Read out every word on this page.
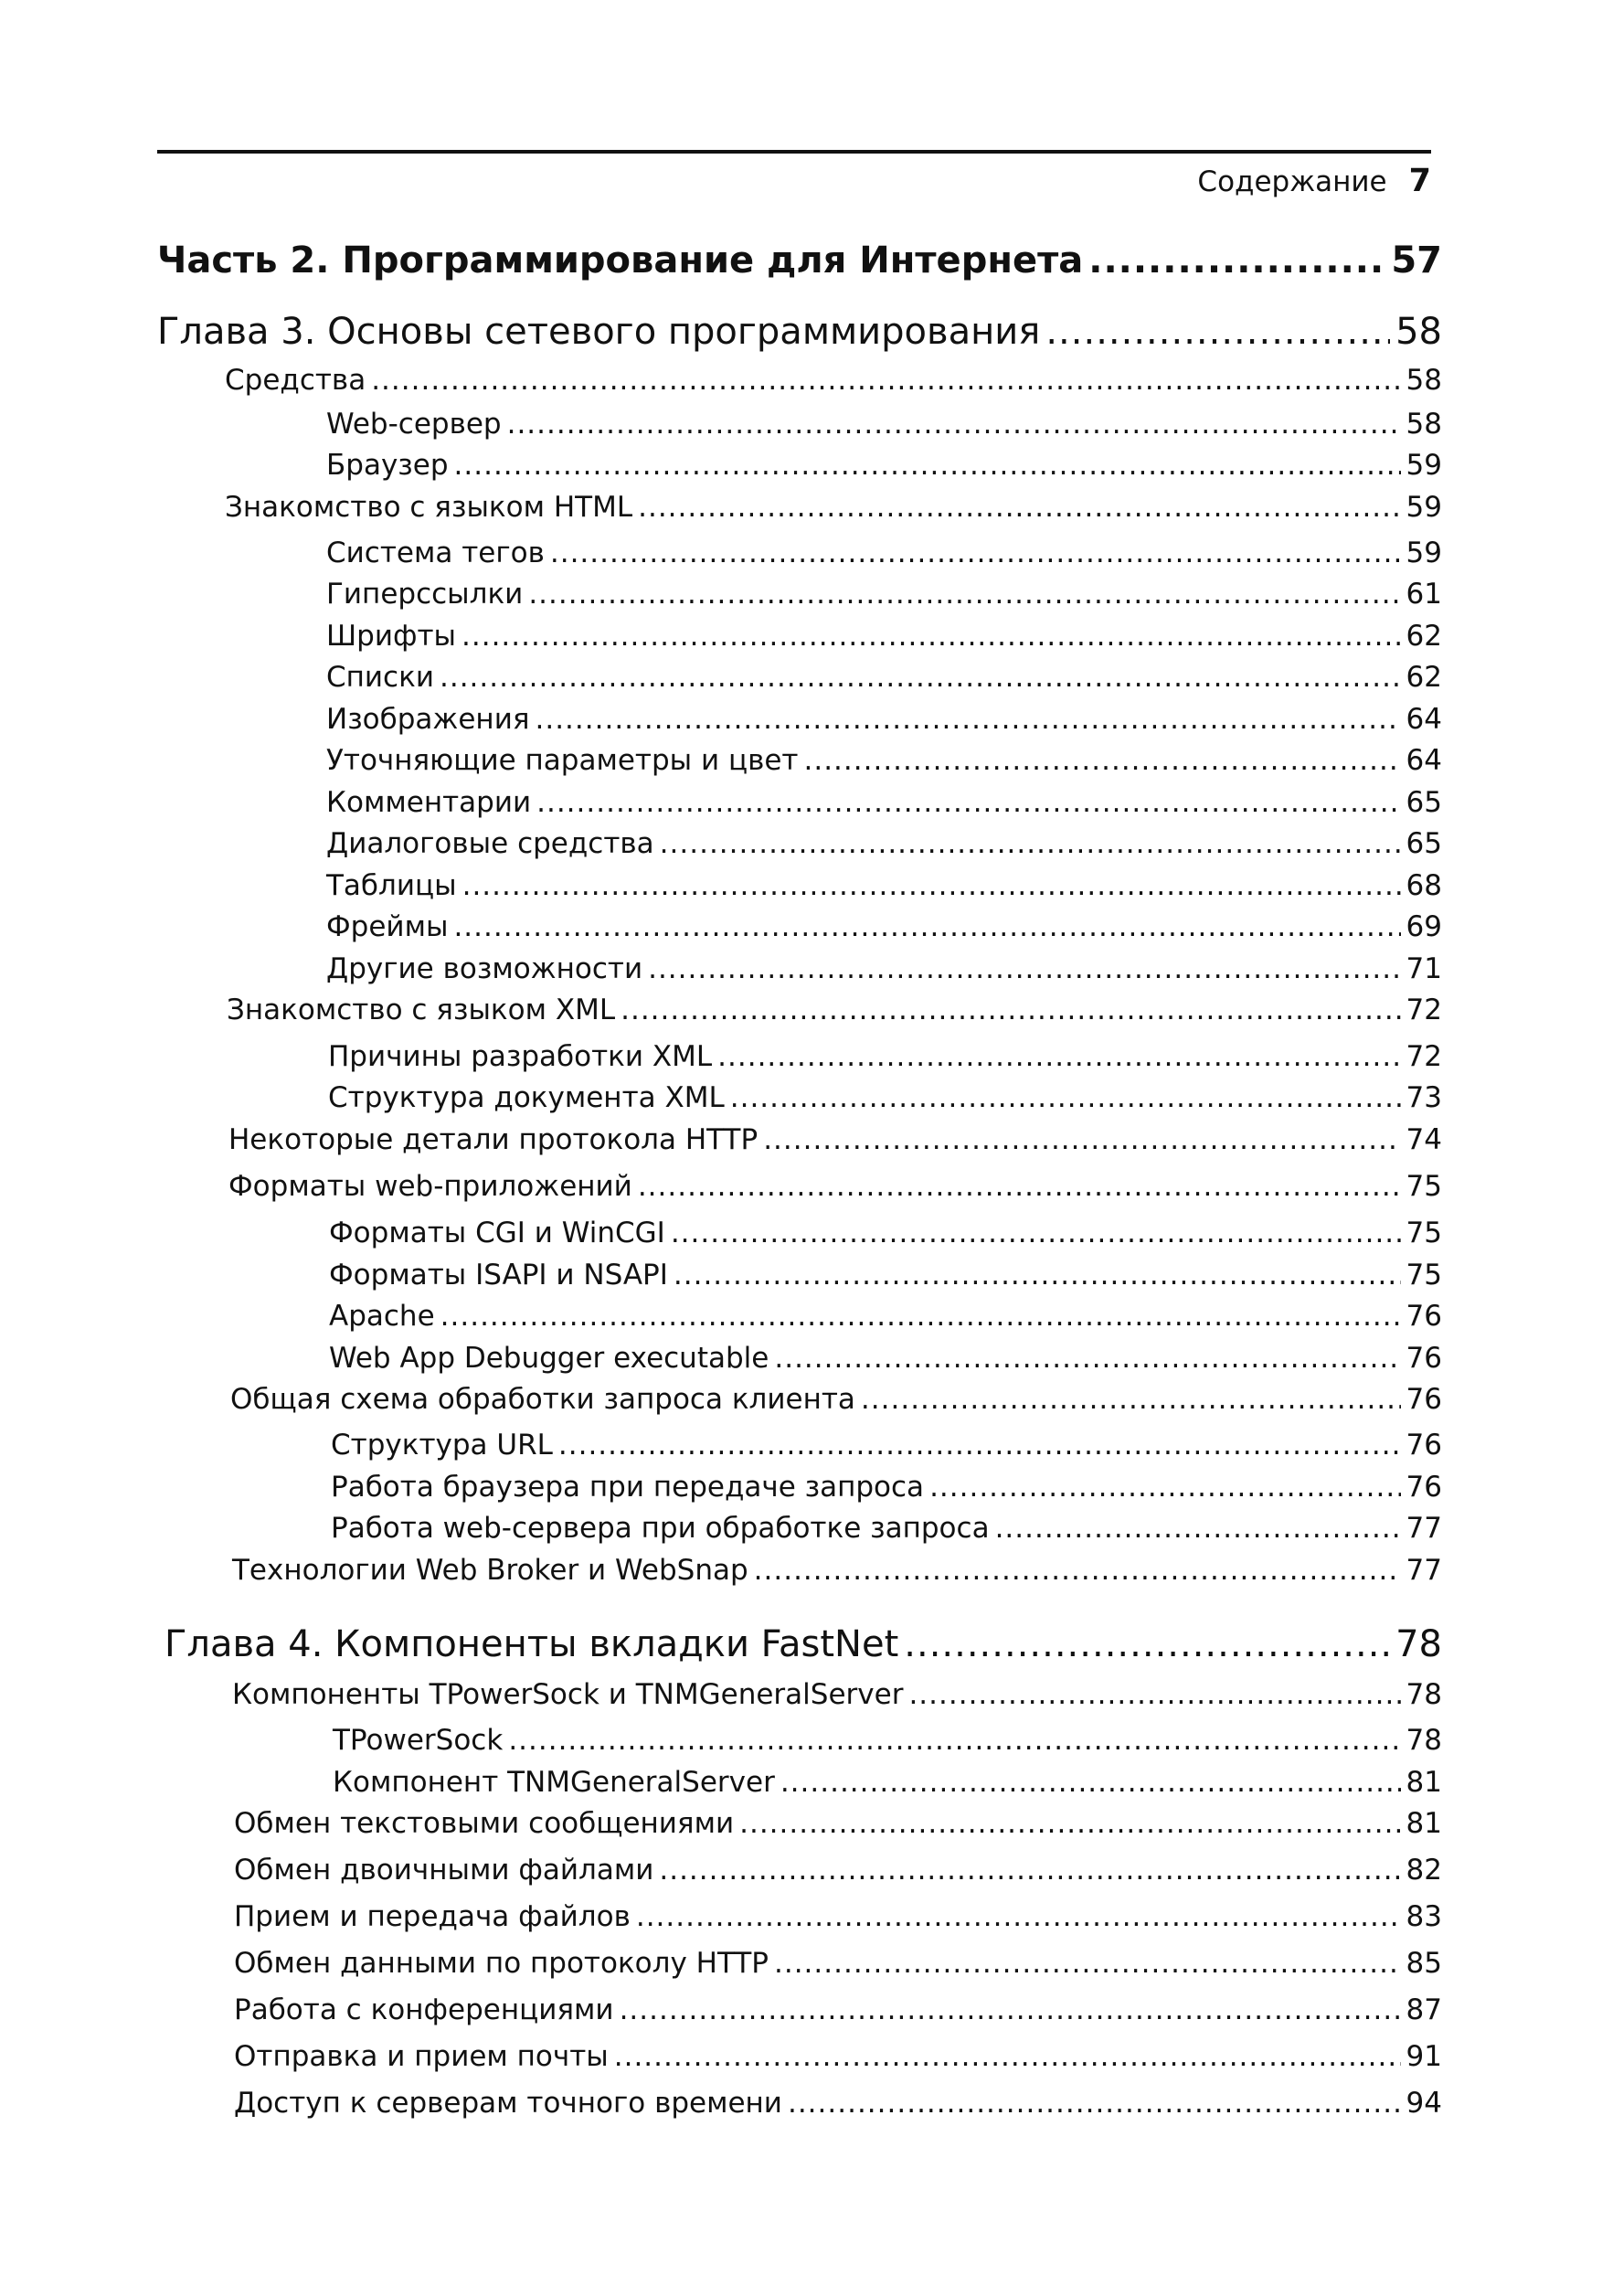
Содержание 7
Часть 2. Программирование для Интернета .....	57
Глава 3. Основы сетевого программирования .....	58
Средства .....	58
Web-сервер .....	58
Браузер .....	59
Знакомство с языком HTML .....	59
Система тегов .....	59
Гиперссылки .....	61
Шрифты .....	62
Списки .....	62
Изображения .....	64
Уточняющие параметры и цвет .....	64
Комментарии .....	65
Диалоговые средства .....	65
Таблицы .....	68
Фреймы .....	69
Другие возможности .....	71
Знакомство с языком XML .....	72
Причины разработки XML .....	72
Структура документа XML .....	73
Некоторые детали протокола HTTP .....	74
Форматы web-приложений .....	75
Форматы CGI и WinCGI .....	75
Форматы ISAPI и NSAPI .....	75
Apache .....	76
Web App Debugger executable .....	76
Общая схема обработки запроса клиента .....	76
Структура URL .....	76
Работа браузера при передаче запроса .....	76
Работа web-сервера при обработке запроса .....	77
Технологии Web Broker и WebSnap .....	77
Глава 4. Компоненты вкладки FastNet .....	78
Компоненты TPowerSock и TNMGeneralServer .....	78
TPowerSock .....	78
Компонент TNMGeneralServer .....	81
Обмен текстовыми сообщениями .....	81
Обмен двоичными файлами .....	82
Прием и передача файлов .....	83
Обмен данными по протоколу HTTP .....	85
Работа с конференциями .....	87
Отправка и прием почты .....	91
Доступ к серверам точного времени .....	94
